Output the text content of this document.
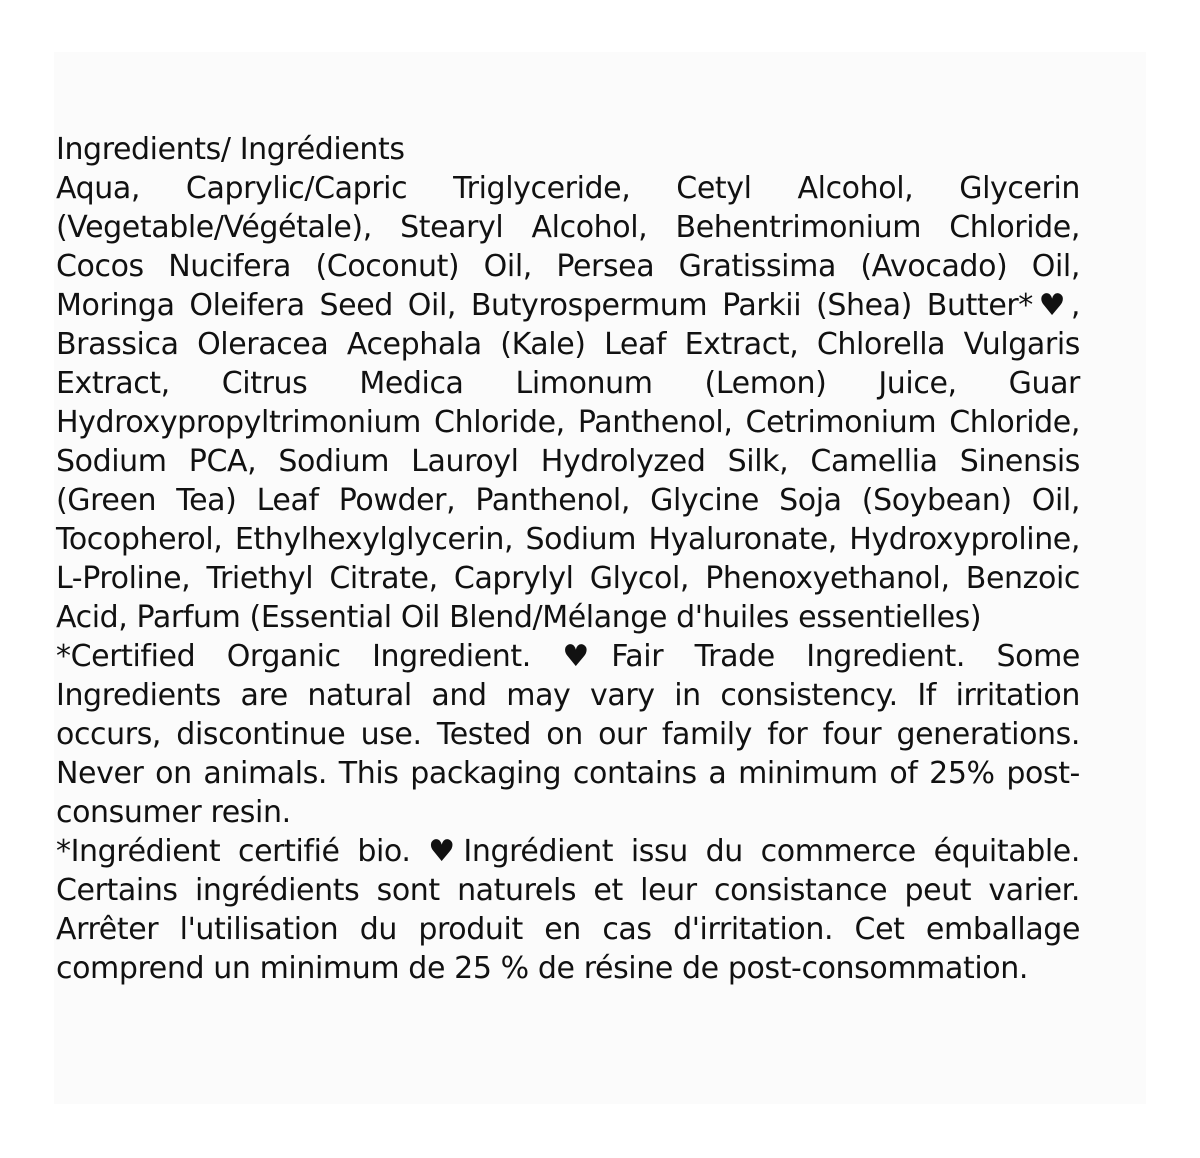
Ingredients/ Ingrédients

Aqua, Caprylic/Capric Triglyceride, Cetyl Alcohol, Glycerin (Vegetable/Végétale), Stearyl Alcohol, Behentrimonium Chloride, Cocos Nucifera (Coconut) Oil, Persea Gratissima (Avocado) Oil, Moringa Oleifera Seed Oil, Butyrospermum Parkii (Shea) Butter*♥, Brassica Oleracea Acephala (Kale) Leaf Extract, Chlorella Vulgaris Extract, Citrus Medica Limonum (Lemon) Juice, Guar Hydroxypropyltrimonium Chloride, Panthenol, Cetrimonium Chloride, Sodium PCA, Sodium Lauroyl Hydrolyzed Silk, Camellia Sinensis (Green Tea) Leaf Powder, Panthenol, Glycine Soja (Soybean) Oil, Tocopherol, Ethylhexylglycerin, Sodium Hyaluronate, Hydroxyproline, L-Proline, Triethyl Citrate, Caprylyl Glycol, Phenoxyethanol, Benzoic Acid, Parfum (Essential Oil Blend/Mélange d'huiles essentielles)

*Certified Organic Ingredient. ♥Fair Trade Ingredient. Some Ingredients are natural and may vary in consistency. If irritation occurs, discontinue use. Tested on our family for four generations. Never on animals. This packaging contains a minimum of 25% post-consumer resin.

*Ingrédient certifié bio. ♥Ingrédient issu du commerce équitable. Certains ingrédients sont naturels et leur consistance peut varier. Arrêter l'utilisation du produit en cas d'irritation. Cet emballage comprend un minimum de 25 % de résine de post-consommation.
